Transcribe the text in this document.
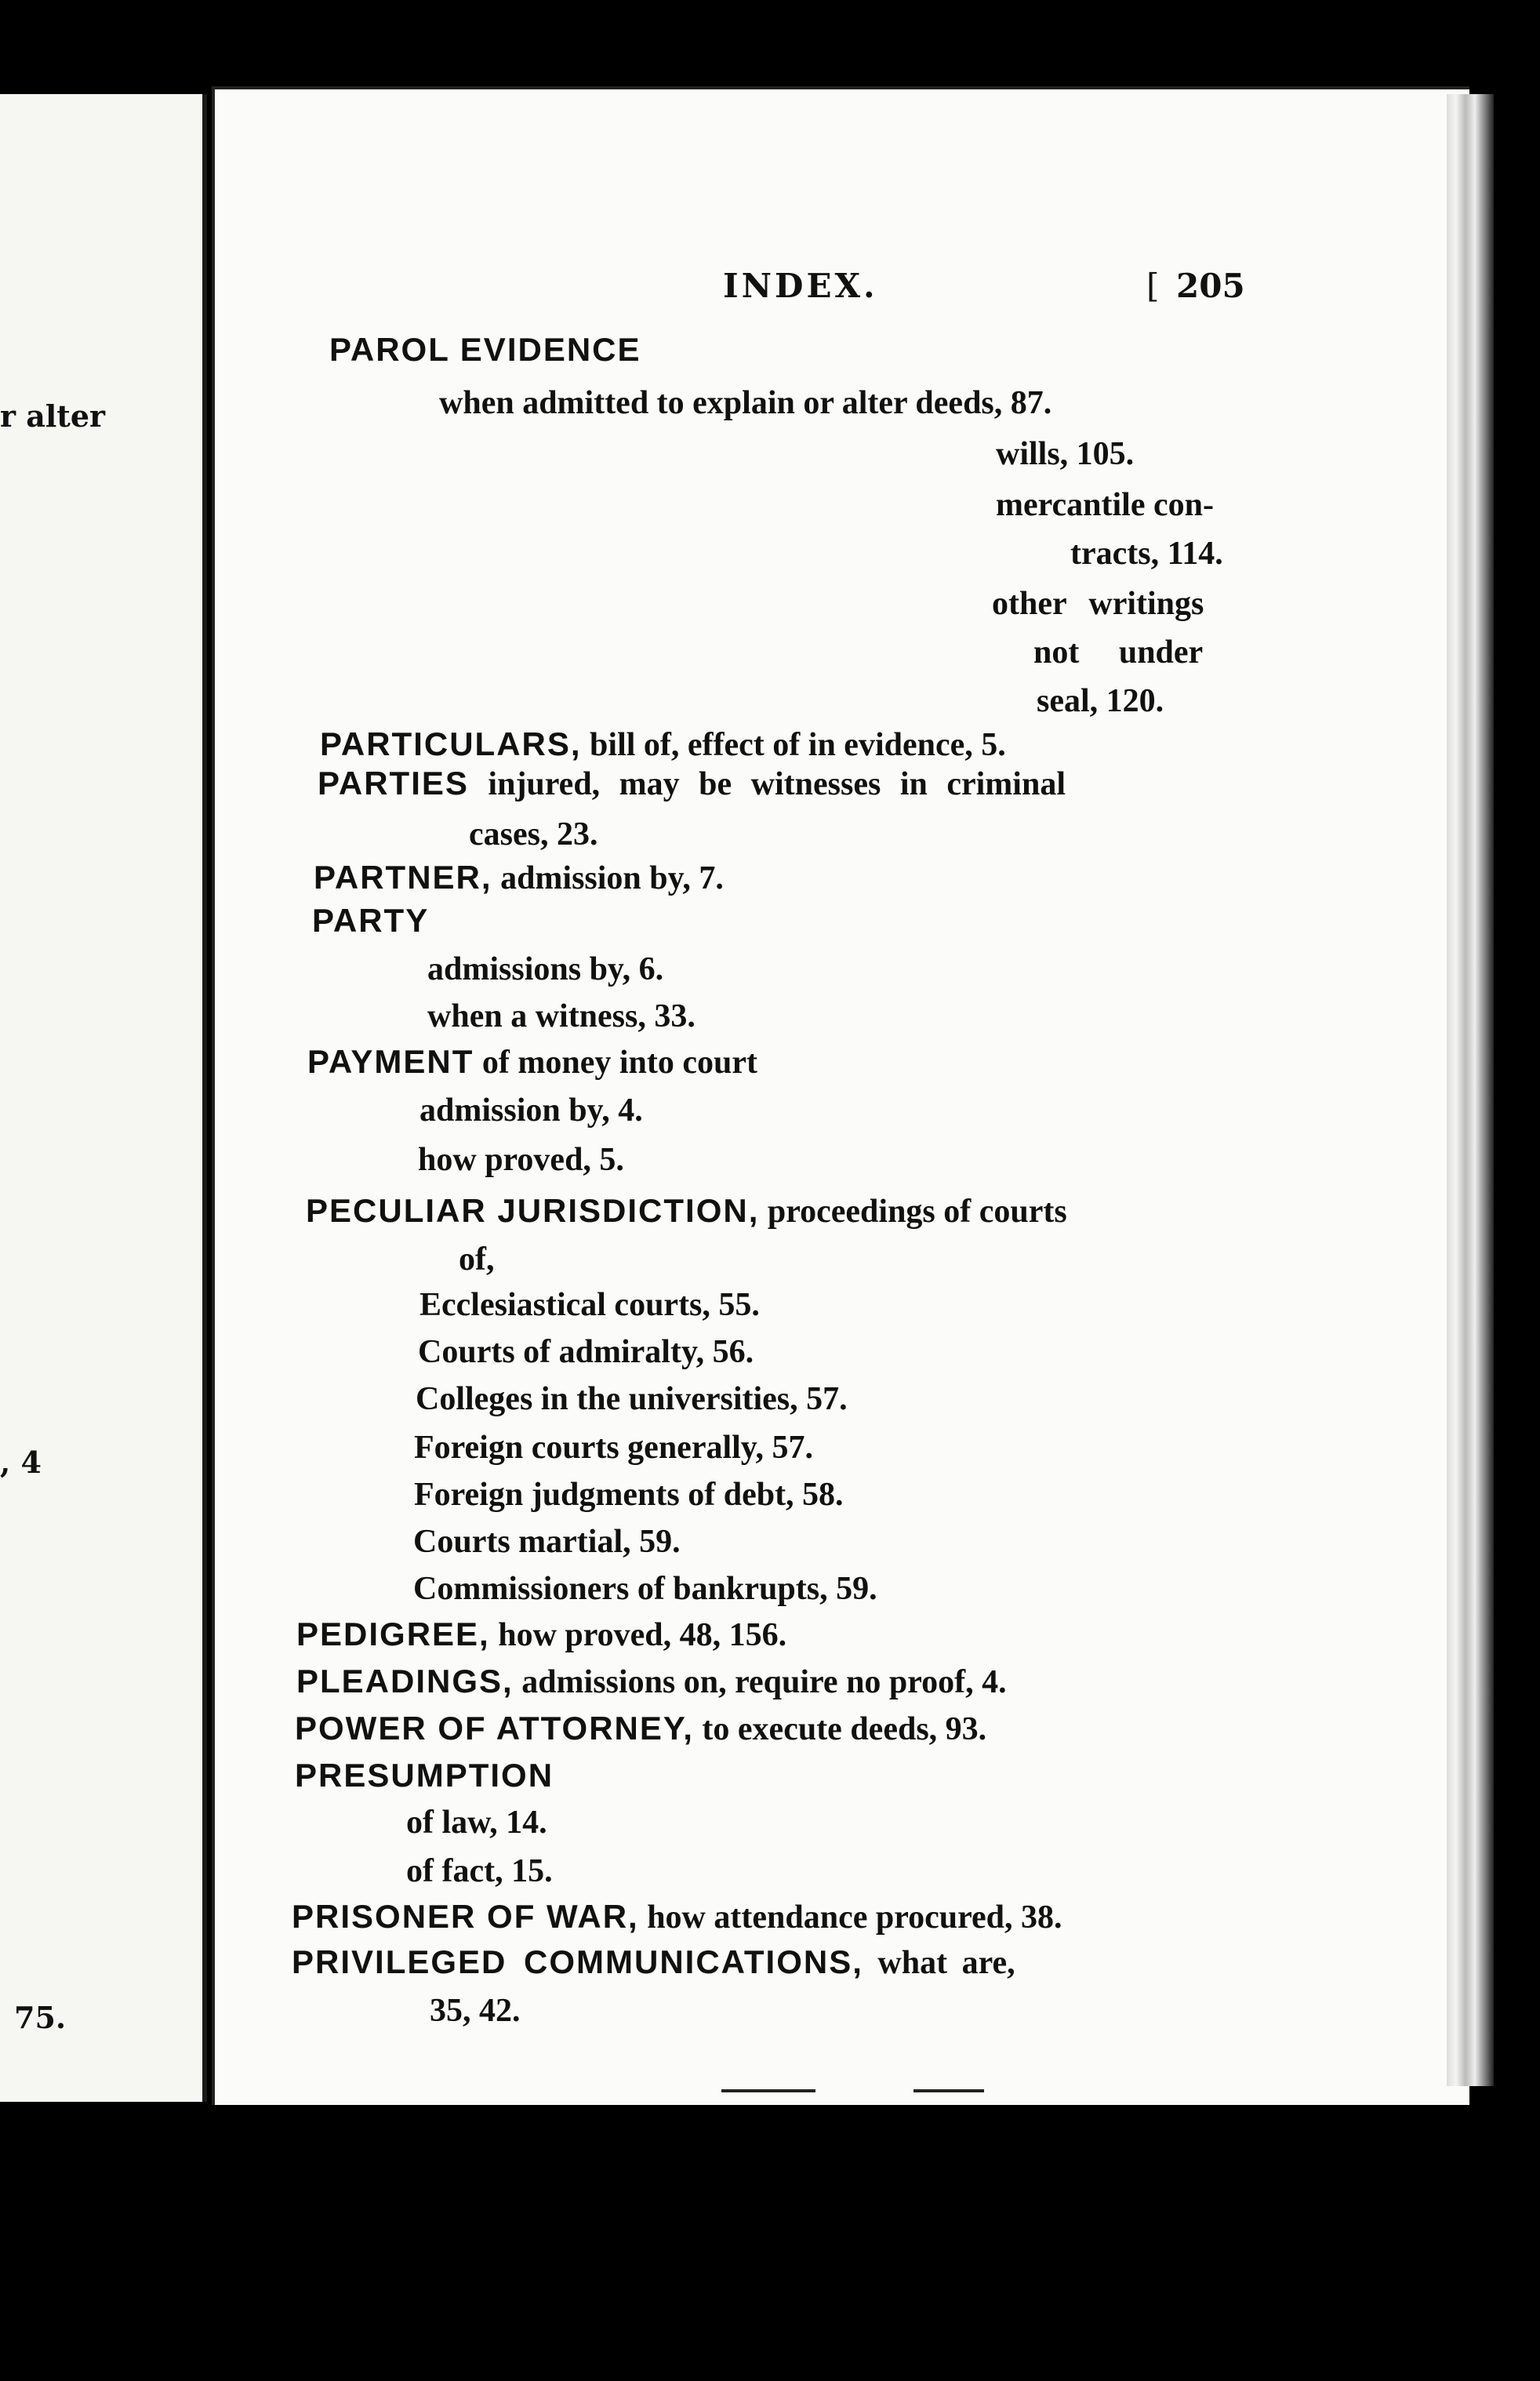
r alter
, 4
75.
INDEX.	[ 205
PAROL EVIDENCE
when admitted to explain or alter deeds, 87.
wills, 105.
mercantile con-
tracts, 114.
other writings
not under
seal, 120.
PARTICULARS, bill of, effect of in evidence, 5.
PARTIES injured, may be witnesses in criminal
cases, 23.
PARTNER, admission by, 7.
PARTY
admissions by, 6.
when a witness, 33.
PAYMENT of money into court
admission by, 4.
how proved, 5.
PECULIAR JURISDICTION, proceedings of courts
of,
Ecclesiastical courts, 55.
Courts of admiralty, 56.
Colleges in the universities, 57.
Foreign courts generally, 57.
Foreign judgments of debt, 58.
Courts martial, 59.
Commissioners of bankrupts, 59.
PEDIGREE, how proved, 48, 156.
PLEADINGS, admissions on, require no proof, 4.
POWER OF ATTORNEY, to execute deeds, 93.
PRESUMPTION
of law, 14.
of fact, 15.
PRISONER OF WAR, how attendance procured, 38.
PRIVILEGED COMMUNICATIONS, what are,
35, 42.
